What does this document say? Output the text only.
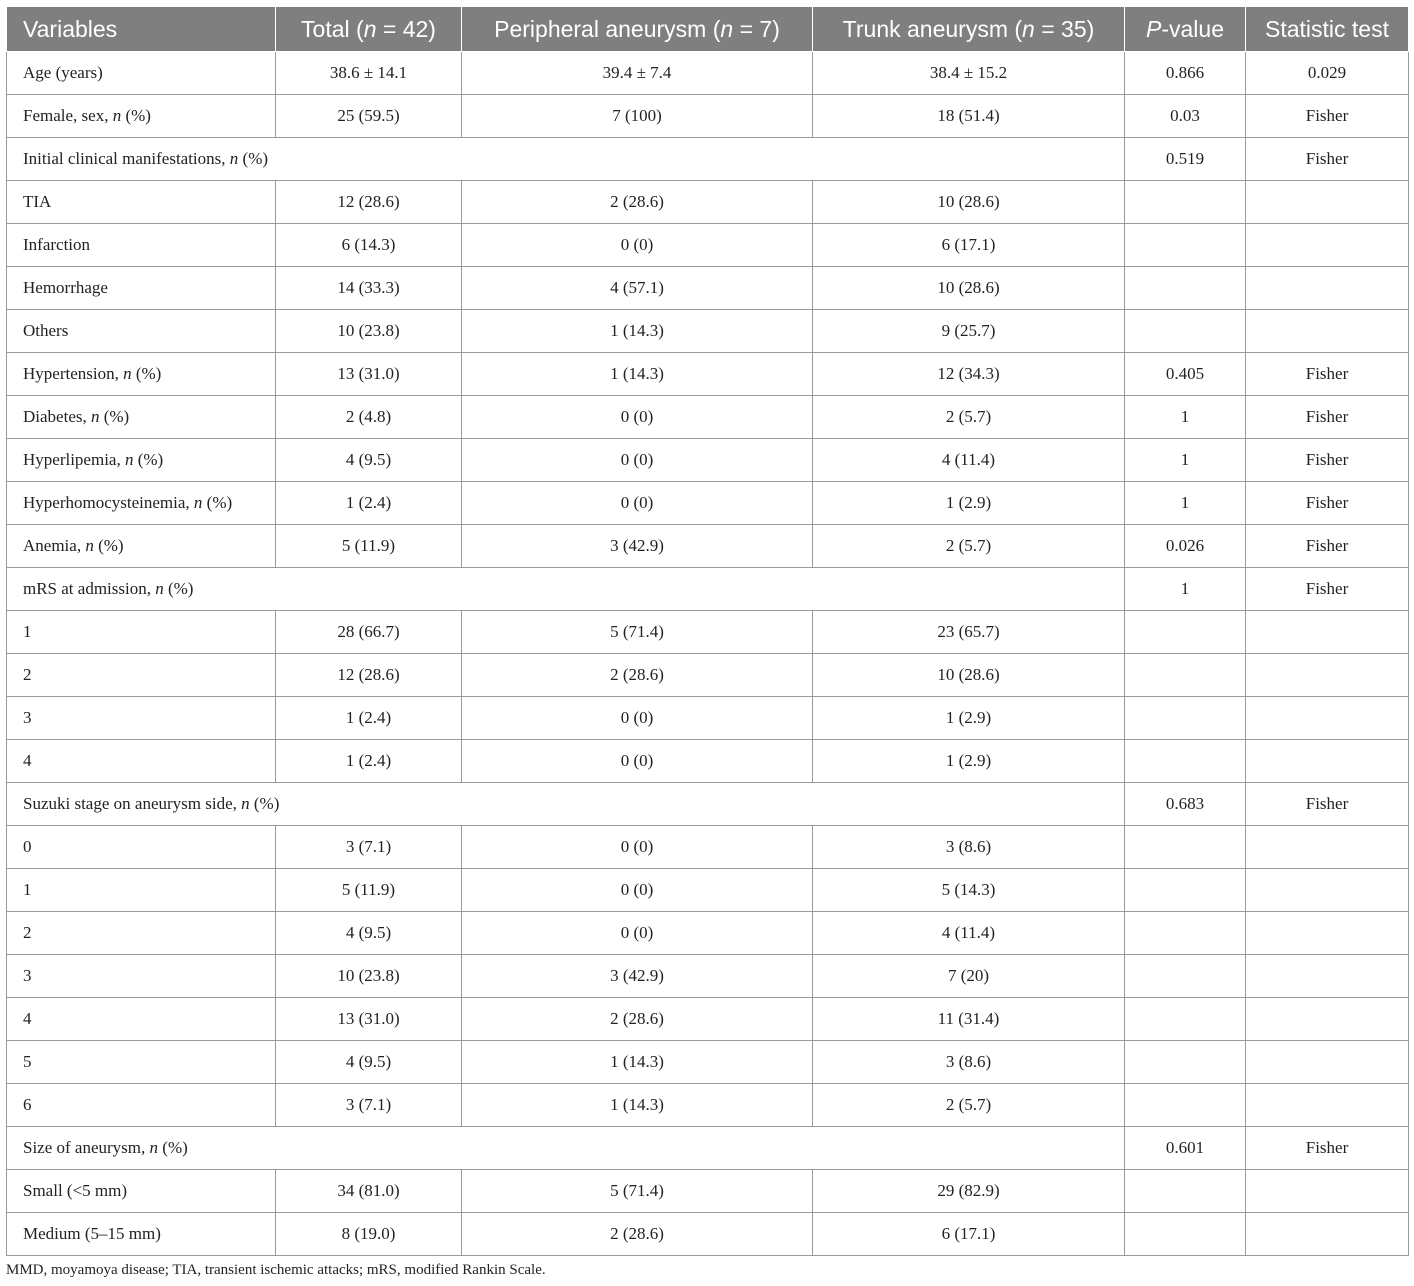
Variables	Total (n = 42)	Peripheral aneurysm (n = 7)	Trunk aneurysm (n = 35)	P-value	Statistic test
Age (years)	38.6 ± 14.1	39.4 ± 7.4	38.4 ± 15.2	0.866	0.029
Female, sex, n (%)	25 (59.5)	7 (100)	18 (51.4)	0.03	Fisher
Initial clinical manifestations, n (%)				0.519	Fisher
TIA	12 (28.6)	2 (28.6)	10 (28.6)		
Infarction	6 (14.3)	0 (0)	6 (17.1)		
Hemorrhage	14 (33.3)	4 (57.1)	10 (28.6)		
Others	10 (23.8)	1 (14.3)	9 (25.7)		
Hypertension, n (%)	13 (31.0)	1 (14.3)	12 (34.3)	0.405	Fisher
Diabetes, n (%)	2 (4.8)	0 (0)	2 (5.7)	1	Fisher
Hyperlipemia, n (%)	4 (9.5)	0 (0)	4 (11.4)	1	Fisher
Hyperhomocysteinemia, n (%)	1 (2.4)	0 (0)	1 (2.9)	1	Fisher
Anemia, n (%)	5 (11.9)	3 (42.9)	2 (5.7)	0.026	Fisher
mRS at admission, n (%)				1	Fisher
1	28 (66.7)	5 (71.4)	23 (65.7)		
2	12 (28.6)	2 (28.6)	10 (28.6)		
3	1 (2.4)	0 (0)	1 (2.9)		
4	1 (2.4)	0 (0)	1 (2.9)		
Suzuki stage on aneurysm side, n (%)				0.683	Fisher
0	3 (7.1)	0 (0)	3 (8.6)		
1	5 (11.9)	0 (0)	5 (14.3)		
2	4 (9.5)	0 (0)	4 (11.4)		
3	10 (23.8)	3 (42.9)	7 (20)		
4	13 (31.0)	2 (28.6)	11 (31.4)		
5	4 (9.5)	1 (14.3)	3 (8.6)		
6	3 (7.1)	1 (14.3)	2 (5.7)		
Size of aneurysm, n (%)				0.601	Fisher
Small (<5 mm)	34 (81.0)	5 (71.4)	29 (82.9)		
Medium (5–15 mm)	8 (19.0)	2 (28.6)	6 (17.1)		
MMD, moyamoya disease; TIA, transient ischemic attacks; mRS, modified Rankin Scale.
